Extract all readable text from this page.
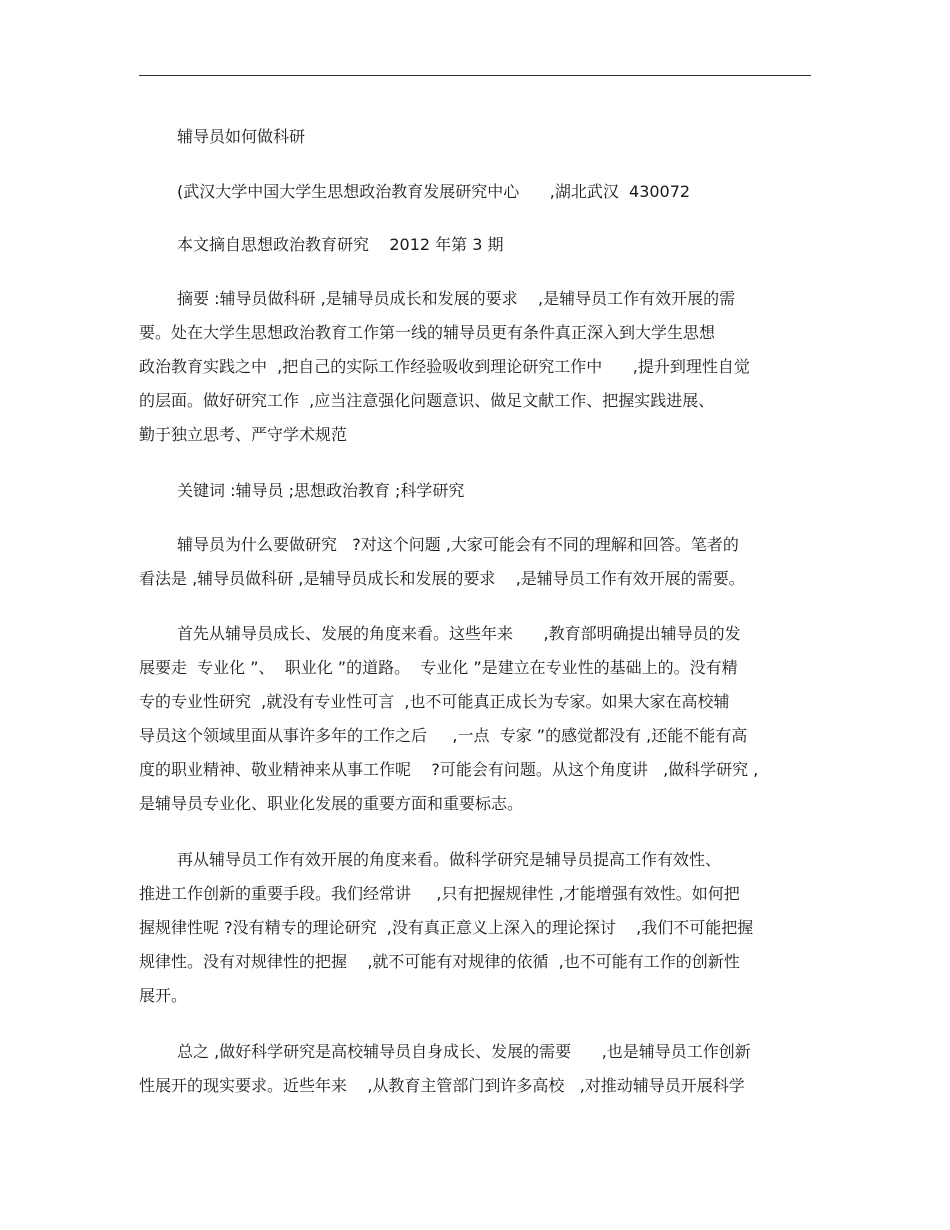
辅导员如何做科研
(武汉大学中国大学生思想政治教育发展研究中心      ,湖北武汉  430072
本文摘自思想政治教育研究    2012 年第 3 期
摘要 :辅导员做科研 ,是辅导员成长和发展的要求    ,是辅导员工作有效开展的需
要。处在大学生思想政治教育工作第一线的辅导员更有条件真正深入到大学生思想
政治教育实践之中  ,把自己的实际工作经验吸收到理论研究工作中      ,提升到理性自觉
的层面。做好研究工作  ,应当注意强化问题意识、做足文献工作、把握实践进展、
勤于独立思考、严守学术规范
关键词 :辅导员 ;思想政治教育 ;科学研究
辅导员为什么要做研究   ?对这个问题 ,大家可能会有不同的理解和回答。笔者的
看法是 ,辅导员做科研 ,是辅导员成长和发展的要求    ,是辅导员工作有效开展的需要。
首先从辅导员成长、发展的角度来看。这些年来      ,教育部明确提出辅导员的发
展要走  专业化 ”、  职业化 ”的道路。  专业化 ”是建立在专业性的基础上的。没有精
专的专业性研究  ,就没有专业性可言  ,也不可能真正成长为专家。如果大家在高校辅
导员这个领域里面从事许多年的工作之后     ,一点  专家 ”的感觉都没有 ,还能不能有高
度的职业精神、敬业精神来从事工作呢    ?可能会有问题。从这个角度讲   ,做科学研究 ,
是辅导员专业化、职业化发展的重要方面和重要标志。
再从辅导员工作有效开展的角度来看。做科学研究是辅导员提高工作有效性、
推进工作创新的重要手段。我们经常讲     ,只有把握规律性 ,才能增强有效性。如何把
握规律性呢 ?没有精专的理论研究  ,没有真正意义上深入的理论探讨    ,我们不可能把握
规律性。没有对规律性的把握    ,就不可能有对规律的依循  ,也不可能有工作的创新性
展开。
总之 ,做好科学研究是高校辅导员自身成长、发展的需要      ,也是辅导员工作创新
性展开的现实要求。近些年来    ,从教育主管部门到许多高校   ,对推动辅导员开展科学
